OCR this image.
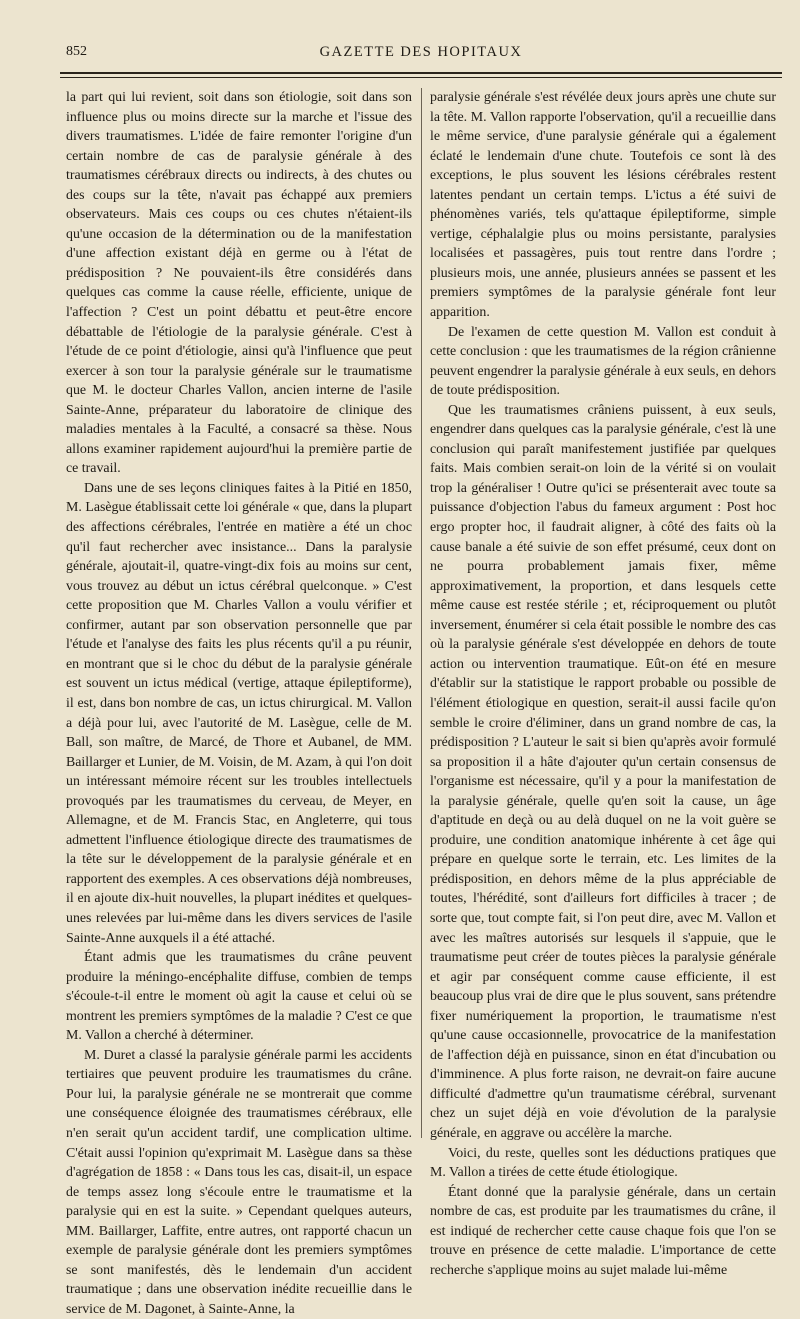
852	GAZETTE DES HOPITAUX

la part qui lui revient, soit dans son étiologie, soit dans son influence plus ou moins directe sur la marche et l'issue des divers traumatismes. L'idée de faire remonter l'origine d'un certain nombre de cas de paralysie générale à des traumatismes cérébraux directs ou indirects, à des chutes ou des coups sur la tête, n'avait pas échappé aux premiers observateurs. Mais ces coups ou ces chutes n'étaient-ils qu'une occasion de la détermination ou de la manifestation d'une affection existant déjà en germe ou à l'état de prédisposition ? Ne pouvaient-ils être considérés dans quelques cas comme la cause réelle, efficiente, unique de l'affection ? C'est un point débattu et peut-être encore débattable de l'étiologie de la paralysie générale. C'est à l'étude de ce point d'étiologie, ainsi qu'à l'influence que peut exercer à son tour la paralysie générale sur le traumatisme que M. le docteur Charles Vallon, ancien interne de l'asile Sainte-Anne, préparateur du laboratoire de clinique des maladies mentales à la Faculté, a consacré sa thèse. Nous allons examiner rapidement aujourd'hui la première partie de ce travail.

Dans une de ses leçons cliniques faites à la Pitié en 1850, M. Lasègue établissait cette loi générale « que, dans la plupart des affections cérébrales, l'entrée en matière a été un choc qu'il faut rechercher avec insistance... Dans la paralysie générale, ajoutait-il, quatre-vingt-dix fois au moins sur cent, vous trouvez au début un ictus cérébral quelconque. » C'est cette proposition que M. Charles Vallon a voulu vérifier et confirmer, autant par son observation personnelle que par l'étude et l'analyse des faits les plus récents qu'il a pu réunir, en montrant que si le choc du début de la paralysie générale est souvent un ictus médical (vertige, attaque épileptiforme), il est, dans bon nombre de cas, un ictus chirurgical. M. Vallon a déjà pour lui, avec l'autorité de M. Lasègue, celle de M. Ball, son maître, de Marcé, de Thore et Aubanel, de MM. Baillarger et Lunier, de M. Voisin, de M. Azam, à qui l'on doit un intéressant mémoire récent sur les troubles intellectuels provoqués par les traumatismes du cerveau, de Meyer, en Allemagne, et de M. Francis Stac, en Angleterre, qui tous admettent l'influence étiologique directe des traumatismes de la tête sur le développement de la paralysie générale et en rapportent des exemples. A ces observations déjà nombreuses, il en ajoute dix-huit nouvelles, la plupart inédites et quelques-unes relevées par lui-même dans les divers services de l'asile Sainte-Anne auxquels il a été attaché.

Étant admis que les traumatismes du crâne peuvent produire la méningo-encéphalite diffuse, combien de temps s'écoule-t-il entre le moment où agit la cause et celui où se montrent les premiers symptômes de la maladie ? C'est ce que M. Vallon a cherché à déterminer.

M. Duret a classé la paralysie générale parmi les accidents tertiaires que peuvent produire les traumatismes du crâne. Pour lui, la paralysie générale ne se montrerait que comme une conséquence éloignée des traumatismes cérébraux, elle n'en serait qu'un accident tardif, une complication ultime. C'était aussi l'opinion qu'exprimait M. Lasègue dans sa thèse d'agrégation de 1858 : « Dans tous les cas, disait-il, un espace de temps assez long s'écoule entre le traumatisme et la paralysie qui en est la suite. » Cependant quelques auteurs, MM. Baillarger, Laffite, entre autres, ont rapporté chacun un exemple de paralysie générale dont les premiers symptômes se sont manifestés, dès le lendemain d'un accident traumatique ; dans une observation inédite recueillie dans le service de M. Dagonet, à Sainte-Anne, la

paralysie générale s'est révélée deux jours après une chute sur la tête. M. Vallon rapporte l'observation, qu'il a recueillie dans le même service, d'une paralysie générale qui a également éclaté le lendemain d'une chute. Toutefois ce sont là des exceptions, le plus souvent les lésions cérébrales restent latentes pendant un certain temps. L'ictus a été suivi de phénomènes variés, tels qu'attaque épileptiforme, simple vertige, céphalalgie plus ou moins persistante, paralysies localisées et passagères, puis tout rentre dans l'ordre ; plusieurs mois, une année, plusieurs années se passent et les premiers symptômes de la paralysie générale font leur apparition.

De l'examen de cette question M. Vallon est conduit à cette conclusion : que les traumatismes de la région crânienne peuvent engendrer la paralysie générale à eux seuls, en dehors de toute prédisposition.

Que les traumatismes crâniens puissent, à eux seuls, engendrer dans quelques cas la paralysie générale, c'est là une conclusion qui paraît manifestement justifiée par quelques faits. Mais combien serait-on loin de la vérité si on voulait trop la généraliser ! Outre qu'ici se présenterait avec toute sa puissance d'objection l'abus du fameux argument : Post hoc ergo propter hoc, il faudrait aligner, à côté des faits où la cause banale a été suivie de son effet présumé, ceux dont on ne pourra probablement jamais fixer, même approximativement, la proportion, et dans lesquels cette même cause est restée stérile ; et, réciproquement ou plutôt inversement, énumérer si cela était possible le nombre des cas où la paralysie générale s'est développée en dehors de toute action ou intervention traumatique. Eût-on été en mesure d'établir sur la statistique le rapport probable ou possible de l'élément étiologique en question, serait-il aussi facile qu'on semble le croire d'éliminer, dans un grand nombre de cas, la prédisposition ? L'auteur le sait si bien qu'après avoir formulé sa proposition il a hâte d'ajouter qu'un certain consensus de l'organisme est nécessaire, qu'il y a pour la manifestation de la paralysie générale, quelle qu'en soit la cause, un âge d'aptitude en deçà ou au delà duquel on ne la voit guère se produire, une condition anatomique inhérente à cet âge qui prépare en quelque sorte le terrain, etc. Les limites de la prédisposition, en dehors même de la plus appréciable de toutes, l'hérédité, sont d'ailleurs fort difficiles à tracer ; de sorte que, tout compte fait, si l'on peut dire, avec M. Vallon et avec les maîtres autorisés sur lesquels il s'appuie, que le traumatisme peut créer de toutes pièces la paralysie générale et agir par conséquent comme cause efficiente, il est beaucoup plus vrai de dire que le plus souvent, sans prétendre fixer numériquement la proportion, le traumatisme n'est qu'une cause occasionnelle, provocatrice de la manifestation de l'affection déjà en puissance, sinon en état d'incubation ou d'imminence. A plus forte raison, ne devrait-on faire aucune difficulté d'admettre qu'un traumatisme cérébral, survenant chez un sujet déjà en voie d'évolution de la paralysie générale, en aggrave ou accélère la marche.

Voici, du reste, quelles sont les déductions pratiques que M. Vallon a tirées de cette étude étiologique.

Étant donné que la paralysie générale, dans un certain nombre de cas, est produite par les traumatismes du crâne, il est indiqué de rechercher cette cause chaque fois que l'on se trouve en présence de cette maladie. L'importance de cette recherche s'applique moins au sujet malade lui-même
